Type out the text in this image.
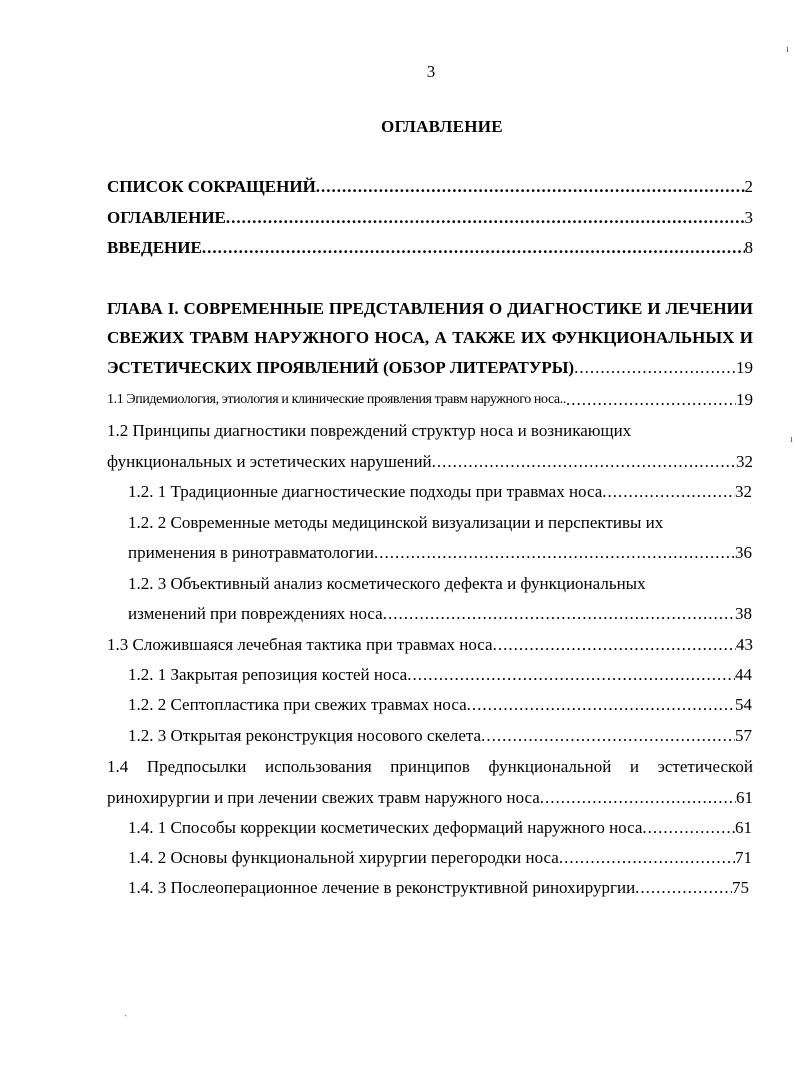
3
ОГЛАВЛЕНИЕ
СПИСОК СОКРАЩЕНИЙ .....	2
ОГЛАВЛЕНИЕ .....	3
ВВЕДЕНИЕ .....	8
ГЛАВА I. СОВРЕМЕННЫЕ ПРЕДСТАВЛЕНИЯ О ДИАГНОСТИКЕ И ЛЕЧЕНИИ
СВЕЖИХ ТРАВМ НАРУЖНОГО НОСА, А ТАКЖЕ ИХ ФУНКЦИОНАЛЬНЫХ И
ЭСТЕТИЧЕСКИХ ПРОЯВЛЕНИЙ (ОБЗОР ЛИТЕРАТУРЫ) .....	19
1.1 Эпидемиология, этиология и клинические проявления травм наружного носа.. .....	19
1.2 Принципы диагностики повреждений структур носа и возникающих
функциональных и эстетических нарушений .....	32
1.2. 1 Традиционные диагностические подходы при травмах носа .....	32
1.2. 2 Современные методы медицинской визуализации и перспективы их
применения в ринотравматологии .....	36
1.2. 3 Объективный анализ косметического дефекта и функциональных
изменений при повреждениях носа .....	38
1.3 Сложившаяся лечебная тактика при травмах носа .....	43
1.2. 1 Закрытая репозиция костей носа .....	44
1.2. 2 Септопластика при свежих травмах носа .....	54
1.2. 3 Открытая реконструкция носового скелета .....	57
1.4 Предпосылки использования принципов функциональной и эстетической
ринохирургии и при лечении свежих травм наружного носа .....	61
1.4. 1 Способы коррекции косметических деформаций наружного носа .....	61
1.4. 2 Основы функциональной хирургии перегородки носа .....	71
1.4. 3 Послеоперационное лечение в реконструктивной ринохирургии .....	75
ı
ı
ˏ
